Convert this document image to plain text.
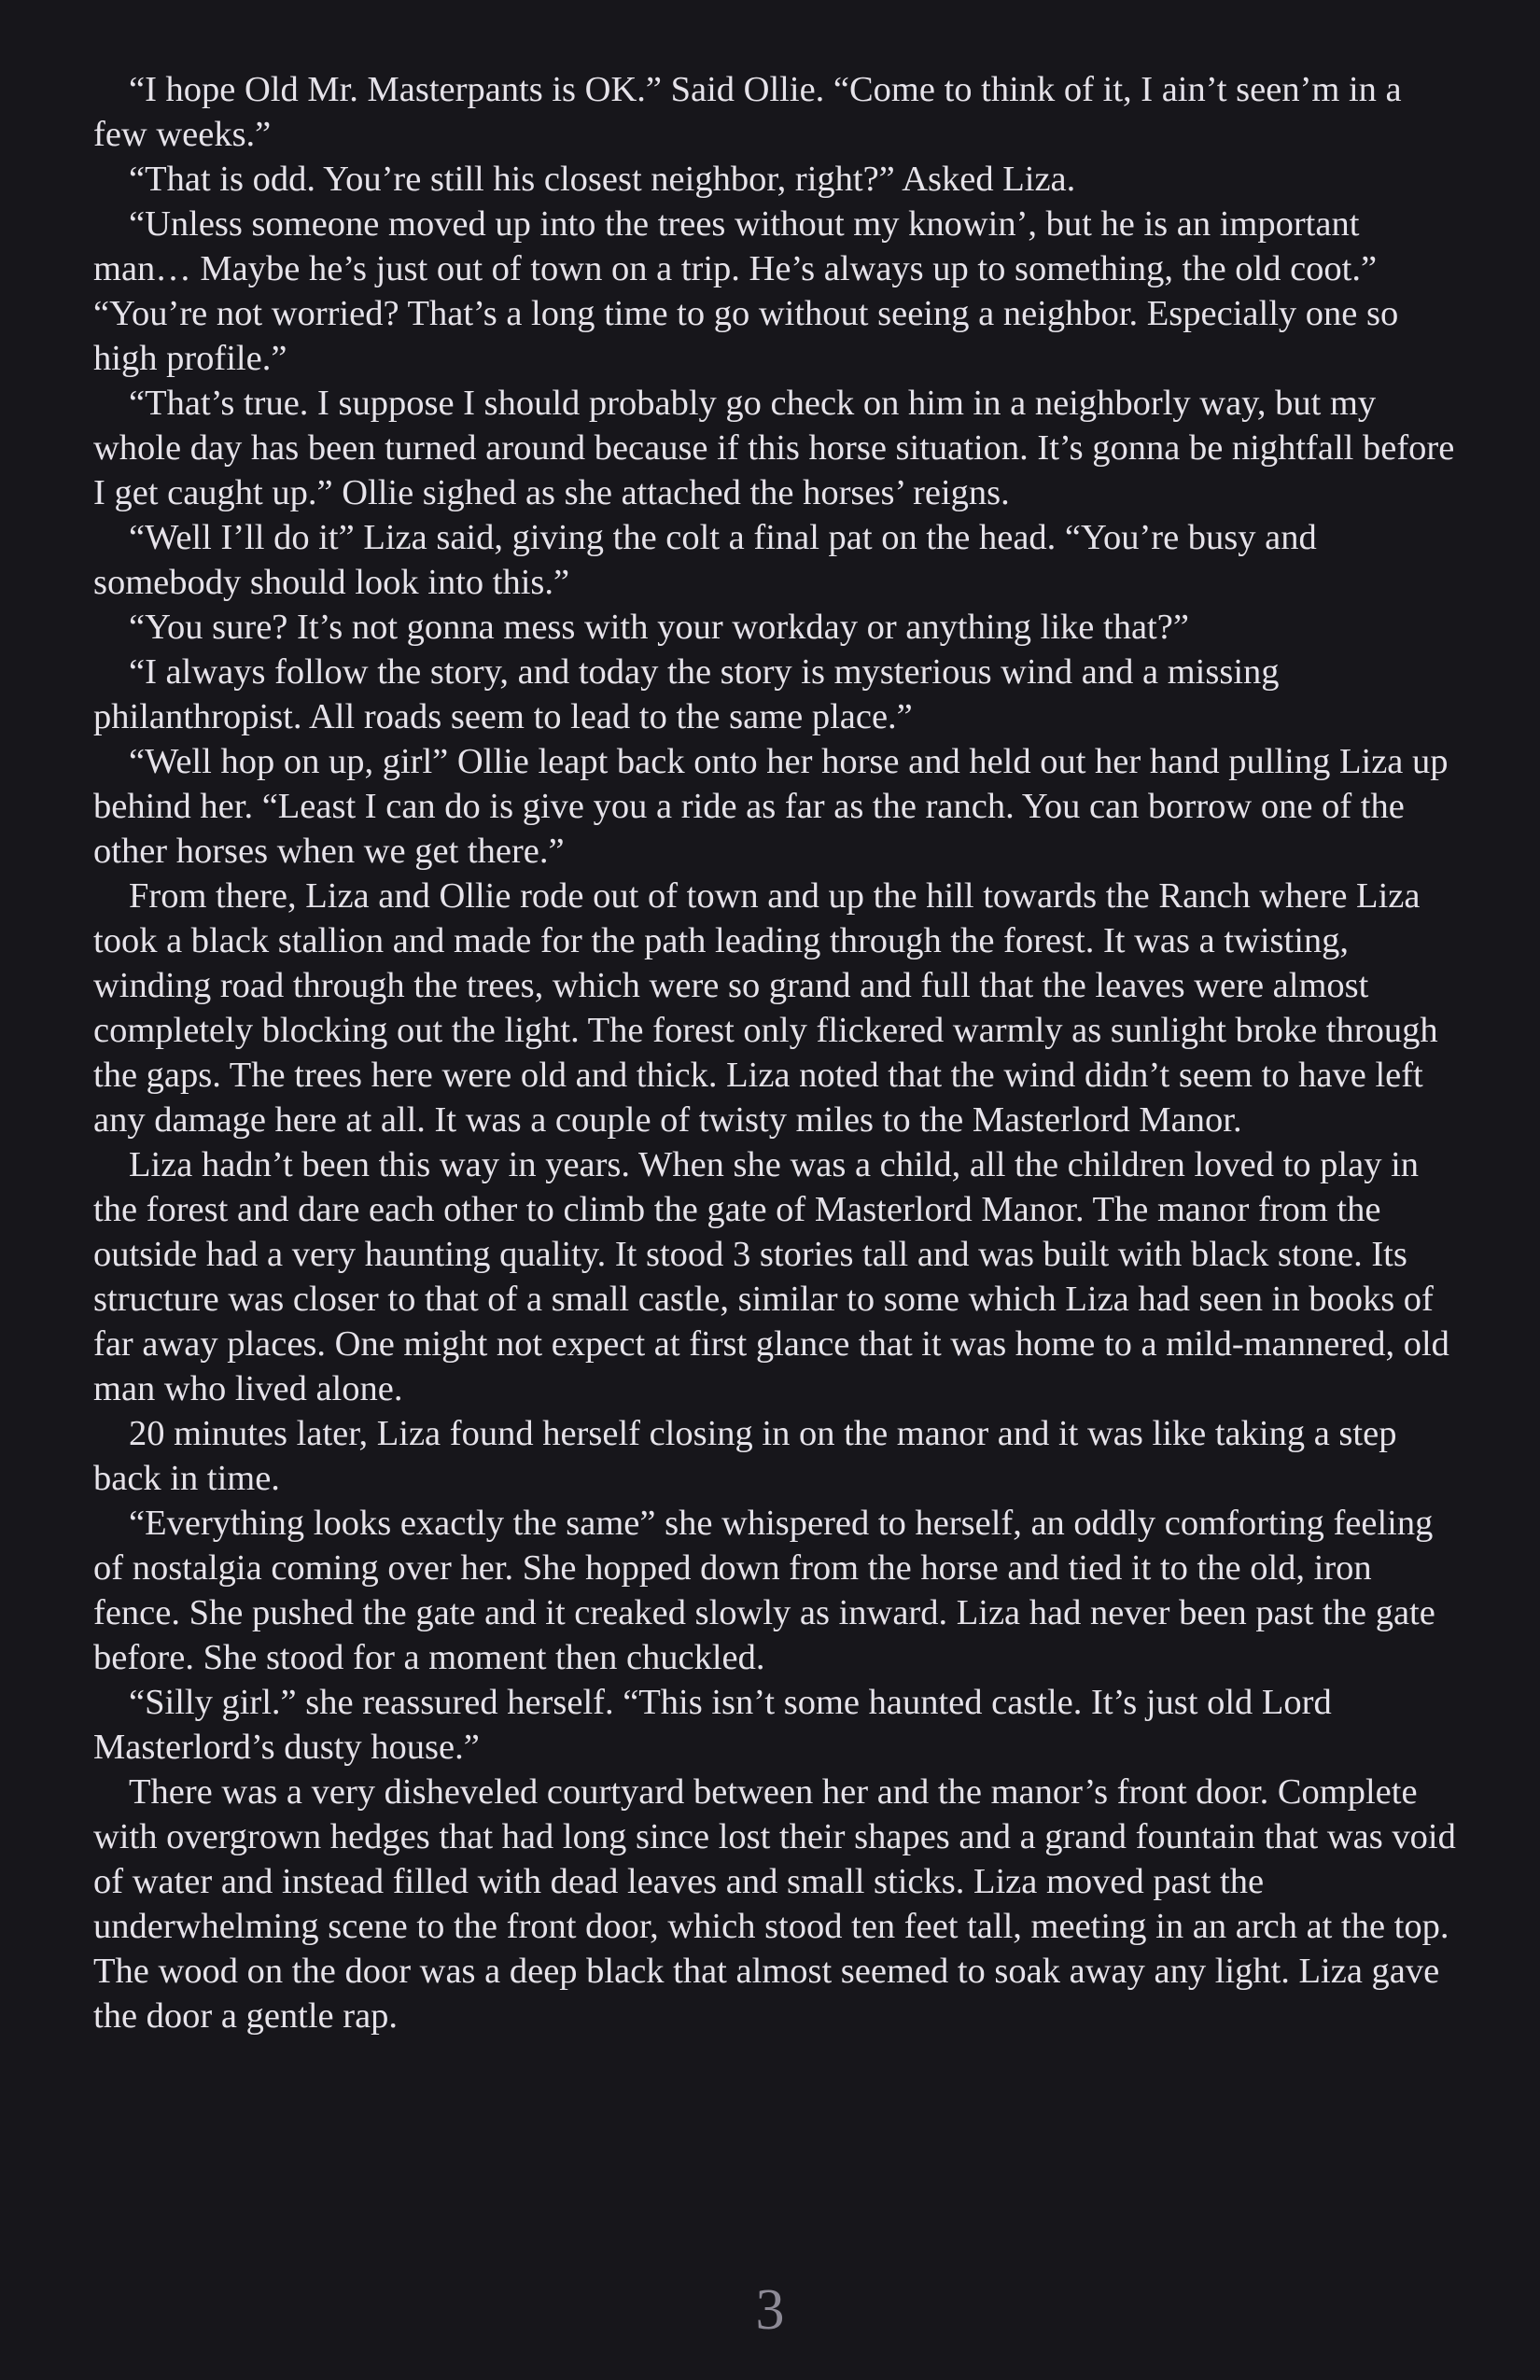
“I hope Old Mr. Masterpants is OK.” Said Ollie. “Come to think of it, I ain’t seen’m in a few weeks.”

“That is odd. You’re still his closest neighbor, right?” Asked Liza.

“Unless someone moved up into the trees without my knowin’, but he is an important man… Maybe he’s just out of town on a trip. He’s always up to something, the old coot.”

“You’re not worried? That’s a long time to go without seeing a neighbor. Especially one so high profile.”

“That’s true. I suppose I should probably go check on him in a neighborly way, but my whole day has been turned around because if this horse situation. It’s gonna be nightfall before I get caught up.” Ollie sighed as she attached the horses’ reigns.

“Well I’ll do it” Liza said, giving the colt a final pat on the head. “You’re busy and somebody should look into this.”

“You sure? It’s not gonna mess with your workday or anything like that?”

“I always follow the story, and today the story is mysterious wind and a missing philanthropist. All roads seem to lead to the same place.”

“Well hop on up, girl” Ollie leapt back onto her horse and held out her hand pulling Liza up behind her. “Least I can do is give you a ride as far as the ranch. You can borrow one of the other horses when we get there.”

From there, Liza and Ollie rode out of town and up the hill towards the Ranch where Liza took a black stallion and made for the path leading through the forest. It was a twisting, winding road through the trees, which were so grand and full that the leaves were almost completely blocking out the light. The forest only flickered warmly as sunlight broke through the gaps. The trees here were old and thick. Liza noted that the wind didn’t seem to have left any damage here at all. It was a couple of twisty miles to the Masterlord Manor.

Liza hadn’t been this way in years. When she was a child, all the children loved to play in the forest and dare each other to climb the gate of Masterlord Manor. The manor from the outside had a very haunting quality. It stood 3 stories tall and was built with black stone. Its structure was closer to that of a small castle, similar to some which Liza had seen in books of far away places. One might not expect at first glance that it was home to a mild-mannered, old man who lived alone.

20 minutes later, Liza found herself closing in on the manor and it was like taking a step back in time.

“Everything looks exactly the same” she whispered to herself, an oddly comforting feeling of nostalgia coming over her. She hopped down from the horse and tied it to the old, iron fence. She pushed the gate and it creaked slowly as inward. Liza had never been past the gate before. She stood for a moment then chuckled.

“Silly girl.” she reassured herself. “This isn’t some haunted castle. It’s just old Lord Masterlord’s dusty house.”

There was a very disheveled courtyard between her and the manor’s front door. Complete with overgrown hedges that had long since lost their shapes and a grand fountain that was void of water and instead filled with dead leaves and small sticks. Liza moved past the underwhelming scene to the front door, which stood ten feet tall, meeting in an arch at the top. The wood on the door was a deep black that almost seemed to soak away any light. Liza gave the door a gentle rap.

3
